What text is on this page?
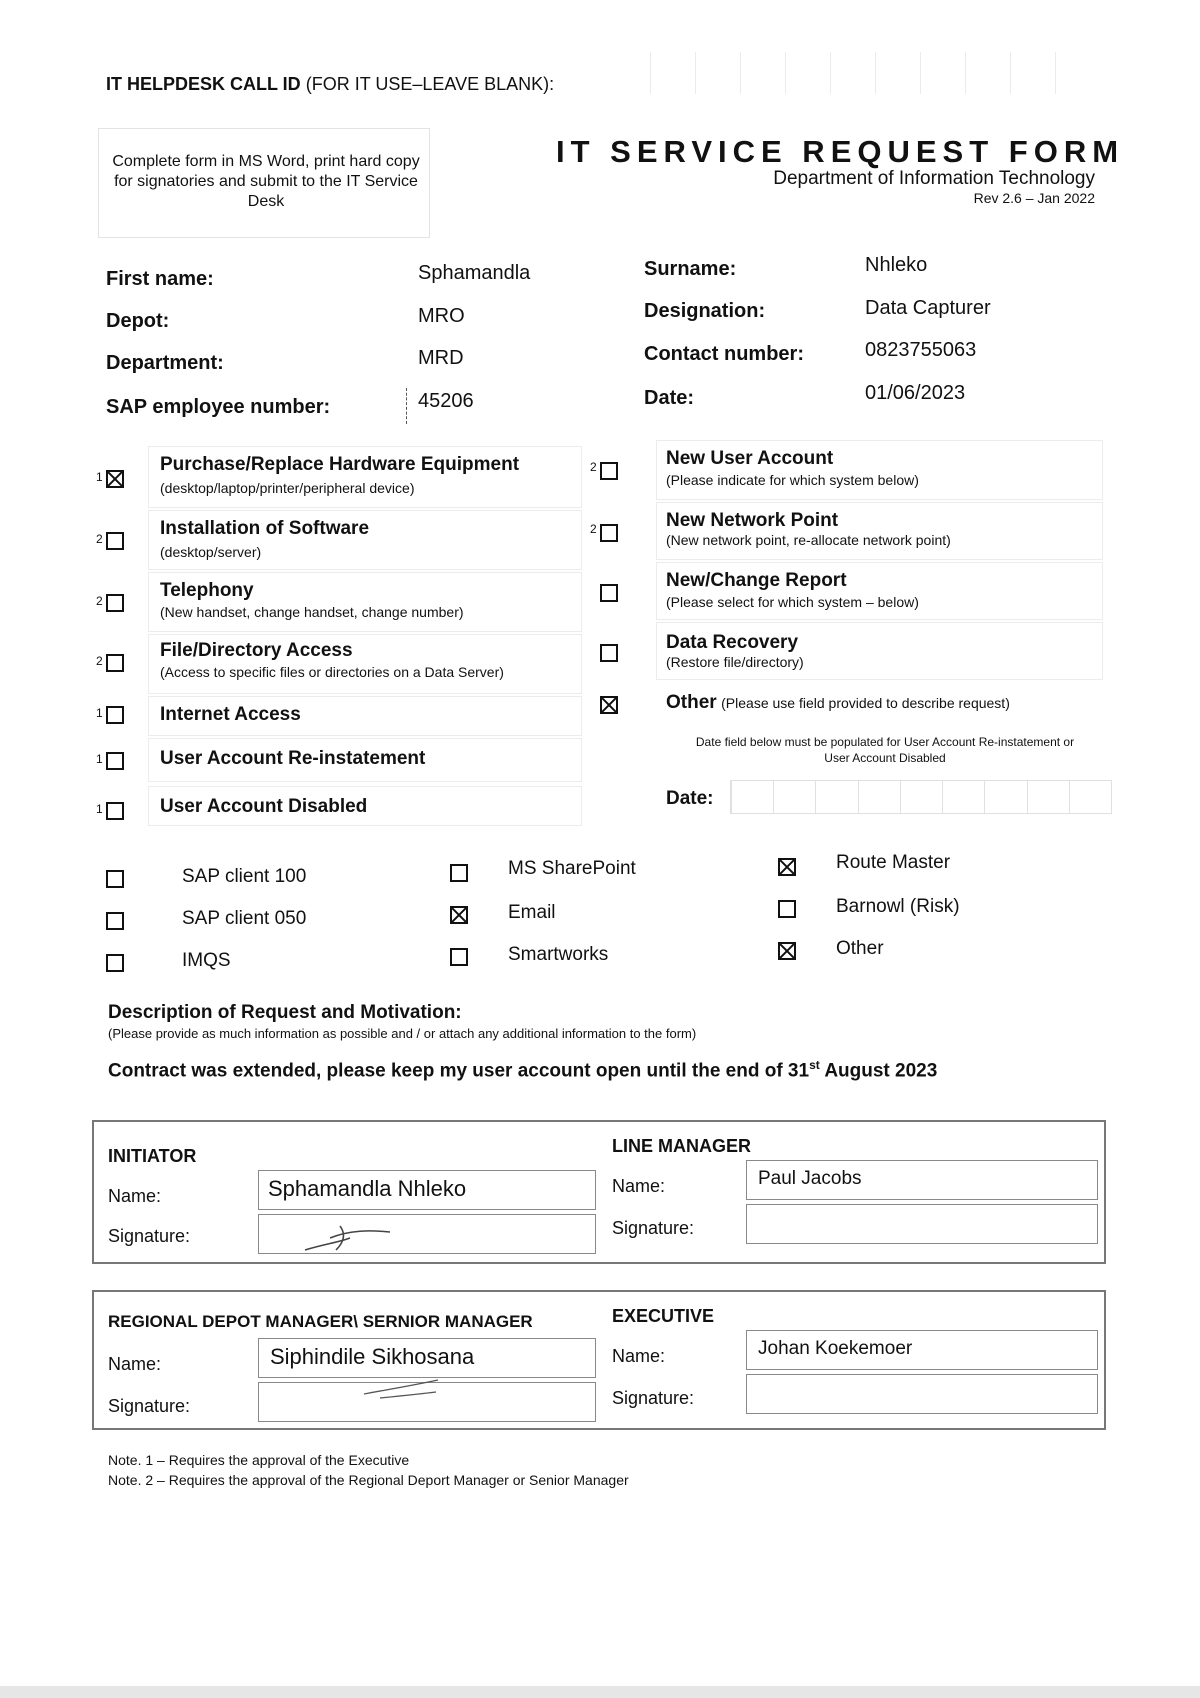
IT HELPDESK CALL ID (FOR IT USE–LEAVE BLANK):
Complete form in MS Word, print hard copy for signatories and submit to the IT Service Desk
IT SERVICE REQUEST FORM
Department of Information Technology
Rev 2.6 – Jan 2022
First name:	Sphamandla	Surname:	Nhleko
Depot:	MRO	Designation:	Data Capturer
Department:	MRD	Contact number:	0823755063
SAP employee number:	45206	Date:	01/06/2023
1
Purchase/Replace Hardware Equipment
(desktop/laptop/printer/peripheral device)
2	Installation of Software
(desktop/server)
2	Telephony
(New handset, change handset, change number)
2	File/Directory Access
(Access to specific files or directories on a Data Server)
1	Internet Access
1	User Account Re-instatement
1	User Account Disabled
2	New User Account
(Please indicate for which system below)
2	New Network Point
(New network point, re-allocate network point)
New/Change Report
(Please select for which system – below)
Data Recovery
(Restore file/directory)
Other (Please use field provided to describe request)
Date field below must be populated for User Account Re-instatement or User Account Disabled
Date:
SAP client 100
SAP client 050
IMQS
MS SharePoint
Email
Smartworks
Route Master
Barnowl (Risk)
Other
Description of Request and Motivation:
(Please provide as much information as possible and / or attach any additional information to the form)
Contract was extended, please keep my user account open until the end of 31st August 2023
INITIATOR
Name:	Sphamandla Nhleko
Signature:
LINE MANAGER
Name:	Paul Jacobs
Signature:
REGIONAL DEPOT MANAGER\ SERNIOR MANAGER
Name:	Siphindile Sikhosana
Signature:
EXECUTIVE
Name:	Johan Koekemoer
Signature:
Note. 1 – Requires the approval of the Executive
Note. 2 – Requires the approval of the Regional Deport Manager or Senior Manager
